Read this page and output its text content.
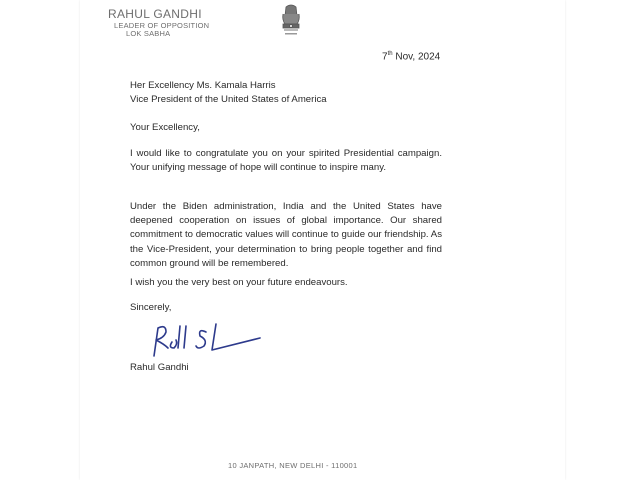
RAHUL GANDHI
LEADER OF OPPOSITION
LOK SABHA
7th Nov, 2024
Her Excellency Ms. Kamala Harris
Vice President of the United States of America
Your Excellency,
I would like to congratulate you on your spirited Presidential campaign. Your unifying message of hope will continue to inspire many.
Under the Biden administration, India and the United States have deepened cooperation on issues of global importance. Our shared commitment to democratic values will continue to guide our friendship. As the Vice-President, your determination to bring people together and find common ground will be remembered.
I wish you the very best on your future endeavours.
Sincerely,
Rahul Gandhi
10 JANPATH, NEW DELHI - 110001
